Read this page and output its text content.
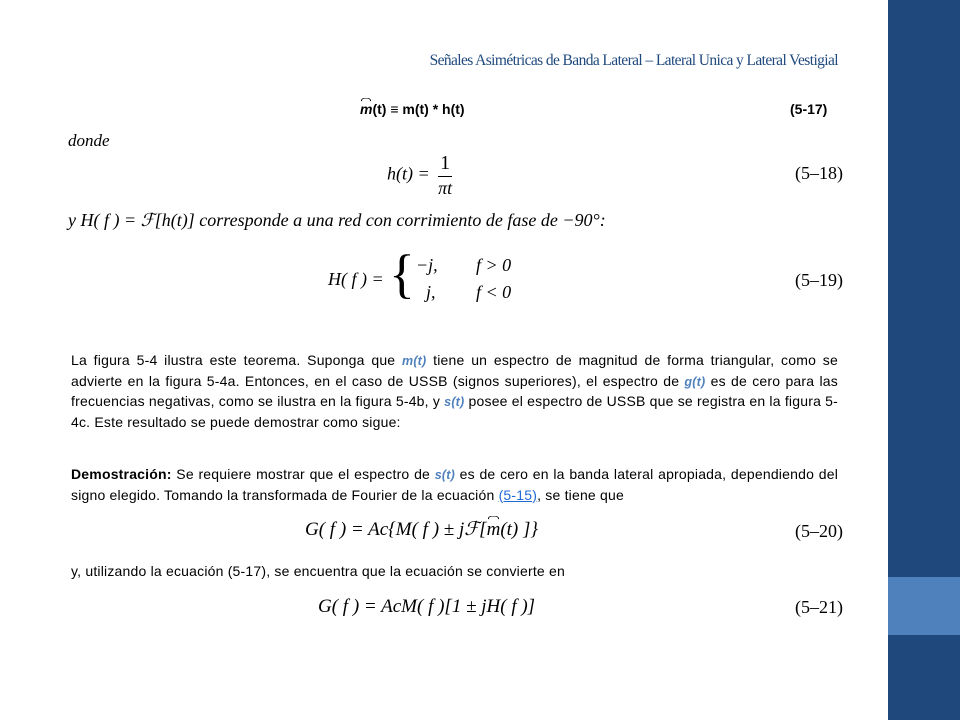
Señales Asimétricas de Banda Lateral – Lateral Unica y Lateral Vestigial
m(t) ≡ m(t) * h(t)	(5-17)
donde
$h(t) = \frac{1}{\pi t}$	(5–18)
y H( f ) = ℱ[h(t)] corresponde a una red con corrimiento de fase de −90°:
H( f ) = { −j, f > 0
j, f < 0
(5–19)
La figura 5-4 ilustra este teorema. Suponga que m(t) tiene un espectro de magnitud de forma triangular, como se advierte en la figura 5-4a. Entonces, en el caso de USSB (signos superiores), el espectro de g(t) es de cero para las frecuencias negativas, como se ilustra en la figura 5-4b, y s(t) posee el espectro de USSB que se registra en la figura 5-4c. Este resultado se puede demostrar como sigue:
Demostración: Se requiere mostrar que el espectro de s(t) es de cero en la banda lateral apropiada, dependiendo del signo elegido. Tomando la transformada de Fourier de la ecuación (5-15), se tiene que
G( f ) = Ac{M( f ) ± jℱ[m(t) ]}	(5–20)
y, utilizando la ecuación (5-17), se encuentra que la ecuación se convierte en
G( f ) = AcM( f )[1 ± jH( f )]	(5–21)
